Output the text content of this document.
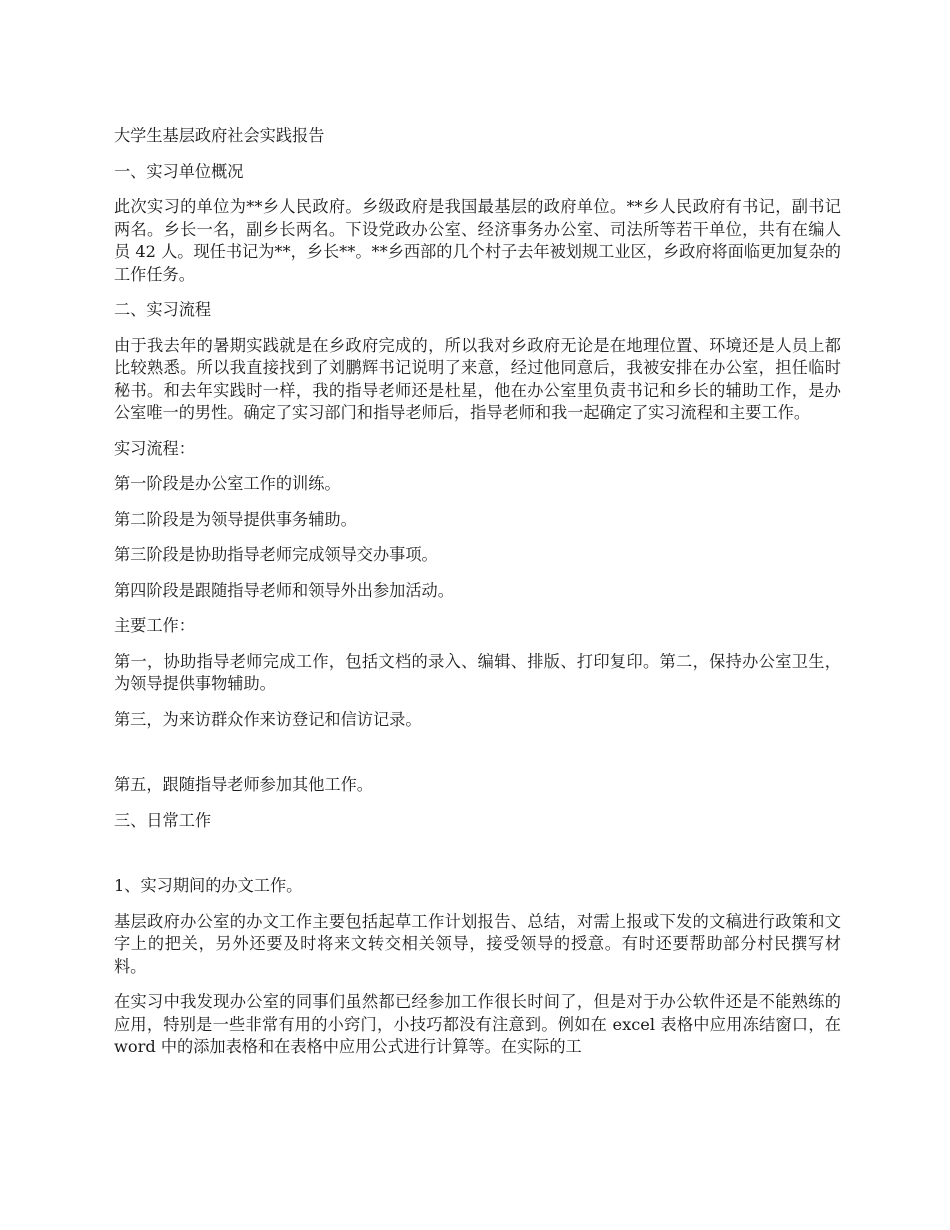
大学生基层政府社会实践报告

一、实习单位概况

此次实习的单位为**乡人民政府。乡级政府是我国最基层的政府单位。**乡人民政府有书记，副书记两名。乡长一名，副乡长两名。下设党政办公室、经济事务办公室、司法所等若干单位，共有在编人员 42 人。现任书记为**，乡长**。**乡西部的几个村子去年被划规工业区，乡政府将面临更加复杂的工作任务。

二、实习流程

由于我去年的暑期实践就是在乡政府完成的，所以我对乡政府无论是在地理位置、环境还是人员上都比较熟悉。所以我直接找到了刘鹏辉书记说明了来意，经过他同意后，我被安排在办公室，担任临时秘书。和去年实践时一样，我的指导老师还是杜星，他在办公室里负责书记和乡长的辅助工作，是办公室唯一的男性。确定了实习部门和指导老师后，指导老师和我一起确定了实习流程和主要工作。

实习流程：

第一阶段是办公室工作的训练。

第二阶段是为领导提供事务辅助。

第三阶段是协助指导老师完成领导交办事项。

第四阶段是跟随指导老师和领导外出参加活动。

主要工作：

第一，协助指导老师完成工作，包括文档的录入、编辑、排版、打印复印。第二，保持办公室卫生，为领导提供事物辅助。

第三，为来访群众作来访登记和信访记录。

第五，跟随指导老师参加其他工作。

三、日常工作

1、实习期间的办文工作。

基层政府办公室的办文工作主要包括起草工作计划报告、总结，对需上报或下发的文稿进行政策和文字上的把关，另外还要及时将来文转交相关领导，接受领导的授意。有时还要帮助部分村民撰写材料。

在实习中我发现办公室的同事们虽然都已经参加工作很长时间了，但是对于办公软件还是不能熟练的应用，特别是一些非常有用的小窍门，小技巧都没有注意到。例如在 excel 表格中应用冻结窗口，在 word 中的添加表格和在表格中应用公式进行计算等。在实际的工
